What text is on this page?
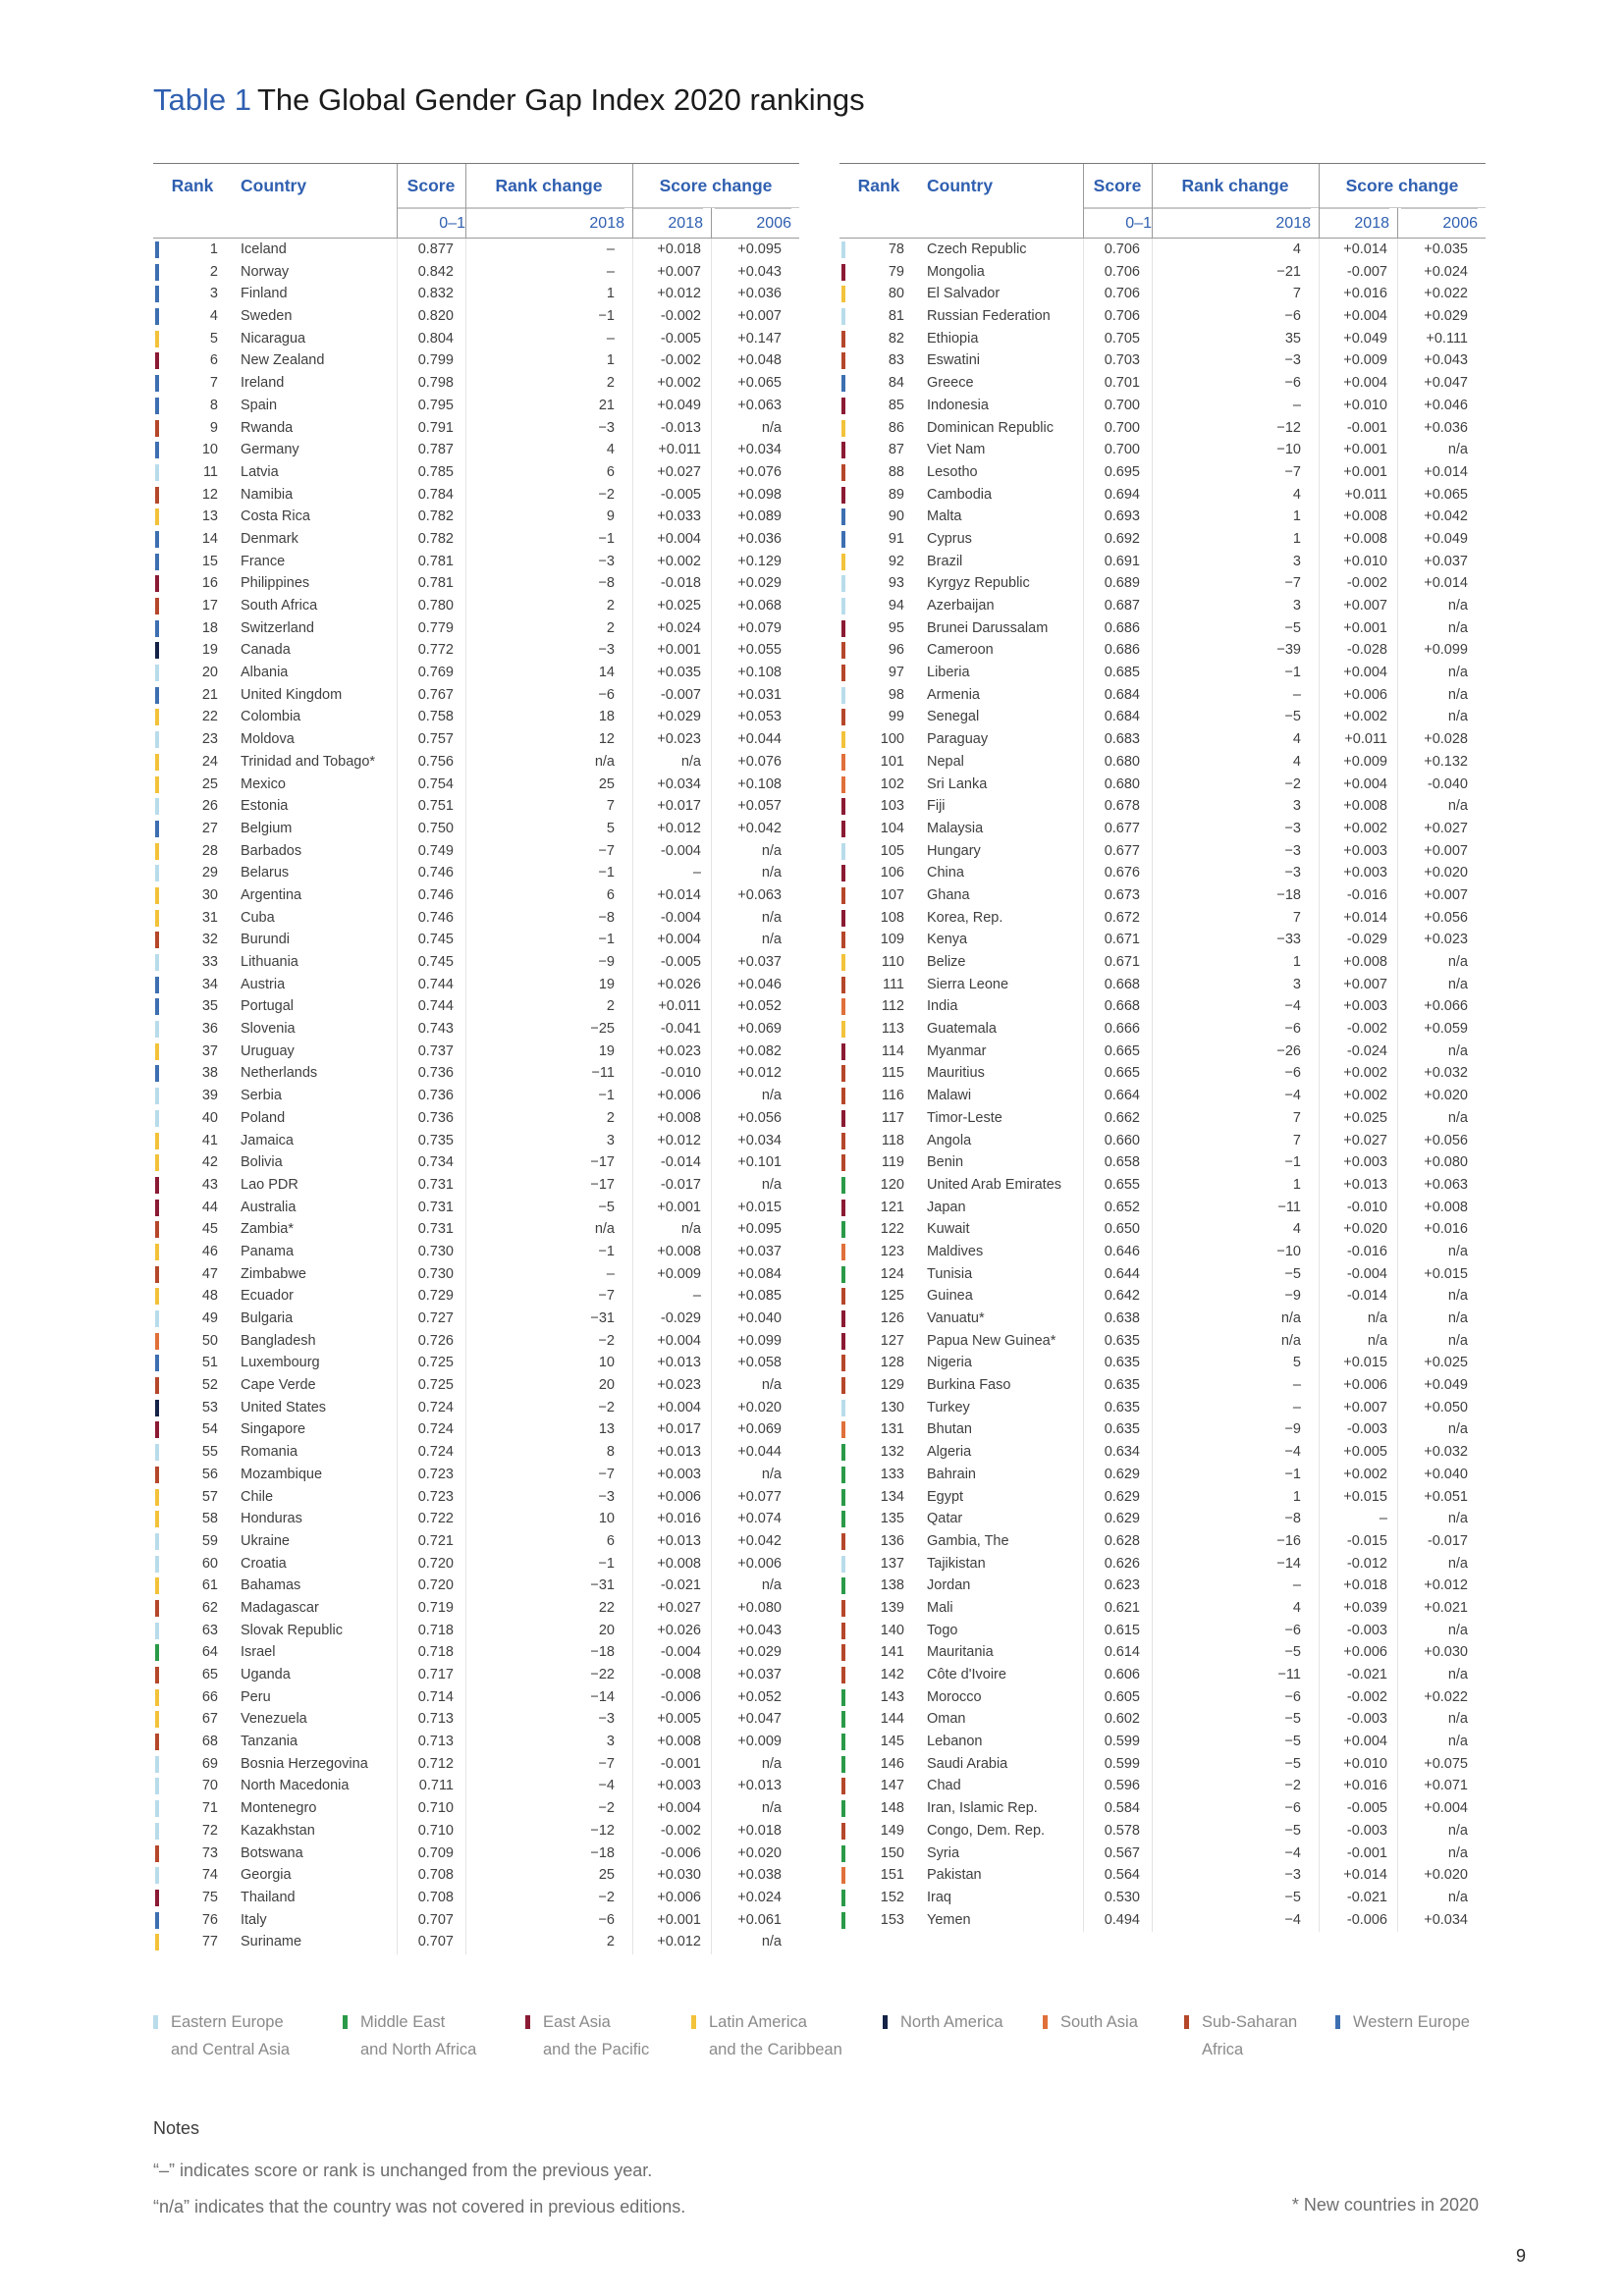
Table 1 The Global Gender Gap Index 2020 rankings
Rank	Country	Score	Rank change	Score change
0–1	2018	2018	2006
1 Iceland	0.877	–	+0.018	+0.095
2 Norway	0.842	–	+0.007	+0.043
3 Finland	0.832	1	+0.012	+0.036
4 Sweden	0.820	−1	-0.002	+0.007
5 Nicaragua	0.804	–	-0.005	+0.147
6 New Zealand	0.799	1	-0.002	+0.048
7 Ireland	0.798	2	+0.002	+0.065
8 Spain	0.795	21	+0.049	+0.063
9 Rwanda	0.791	−3	-0.013	n/a
10 Germany	0.787	4	+0.011	+0.034
11 Latvia	0.785	6	+0.027	+0.076
12 Namibia	0.784	−2	-0.005	+0.098
13 Costa Rica	0.782	9	+0.033	+0.089
14 Denmark	0.782	−1	+0.004	+0.036
15 France	0.781	−3	+0.002	+0.129
16 Philippines	0.781	−8	-0.018	+0.029
17 South Africa	0.780	2	+0.025	+0.068
18 Switzerland	0.779	2	+0.024	+0.079
19 Canada	0.772	−3	+0.001	+0.055
20 Albania	0.769	14	+0.035	+0.108
21 United Kingdom	0.767	−6	-0.007	+0.031
22 Colombia	0.758	18	+0.029	+0.053
23 Moldova	0.757	12	+0.023	+0.044
24 Trinidad and Tobago*	0.756	n/a	n/a	+0.076
25 Mexico	0.754	25	+0.034	+0.108
26 Estonia	0.751	7	+0.017	+0.057
27 Belgium	0.750	5	+0.012	+0.042
28 Barbados	0.749	−7	-0.004	n/a
29 Belarus	0.746	−1	–	n/a
30 Argentina	0.746	6	+0.014	+0.063
31 Cuba	0.746	−8	-0.004	n/a
32 Burundi	0.745	−1	+0.004	n/a
33 Lithuania	0.745	−9	-0.005	+0.037
34 Austria	0.744	19	+0.026	+0.046
35 Portugal	0.744	2	+0.011	+0.052
36 Slovenia	0.743	−25	-0.041	+0.069
37 Uruguay	0.737	19	+0.023	+0.082
38 Netherlands	0.736	−11	-0.010	+0.012
39 Serbia	0.736	−1	+0.006	n/a
40 Poland	0.736	2	+0.008	+0.056
41 Jamaica	0.735	3	+0.012	+0.034
42 Bolivia	0.734	−17	-0.014	+0.101
43 Lao PDR	0.731	−17	-0.017	n/a
44 Australia	0.731	−5	+0.001	+0.015
45 Zambia*	0.731	n/a	n/a	+0.095
46 Panama	0.730	−1	+0.008	+0.037
47 Zimbabwe	0.730	–	+0.009	+0.084
48 Ecuador	0.729	−7	–	+0.085
49 Bulgaria	0.727	−31	-0.029	+0.040
50 Bangladesh	0.726	−2	+0.004	+0.099
51 Luxembourg	0.725	10	+0.013	+0.058
52 Cape Verde	0.725	20	+0.023	n/a
53 United States	0.724	−2	+0.004	+0.020
54 Singapore	0.724	13	+0.017	+0.069
55 Romania	0.724	8	+0.013	+0.044
56 Mozambique	0.723	−7	+0.003	n/a
57 Chile	0.723	−3	+0.006	+0.077
58 Honduras	0.722	10	+0.016	+0.074
59 Ukraine	0.721	6	+0.013	+0.042
60 Croatia	0.720	−1	+0.008	+0.006
61 Bahamas	0.720	−31	-0.021	n/a
62 Madagascar	0.719	22	+0.027	+0.080
63 Slovak Republic	0.718	20	+0.026	+0.043
64 Israel	0.718	−18	-0.004	+0.029
65 Uganda	0.717	−22	-0.008	+0.037
66 Peru	0.714	−14	-0.006	+0.052
67 Venezuela	0.713	−3	+0.005	+0.047
68 Tanzania	0.713	3	+0.008	+0.009
69 Bosnia Herzegovina	0.712	−7	-0.001	n/a
70 North Macedonia	0.711	−4	+0.003	+0.013
71 Montenegro	0.710	−2	+0.004	n/a
72 Kazakhstan	0.710	−12	-0.002	+0.018
73 Botswana	0.709	−18	-0.006	+0.020
74 Georgia	0.708	25	+0.030	+0.038
75 Thailand	0.708	−2	+0.006	+0.024
76 Italy	0.707	−6	+0.001	+0.061
77 Suriname	0.707	2	+0.012	n/a
Rank	Country	Score	Rank change	Score change
0–1	2018	2018	2006
78 Czech Republic	0.706	4	+0.014	+0.035
79 Mongolia	0.706	−21	-0.007	+0.024
80 El Salvador	0.706	7	+0.016	+0.022
81 Russian Federation	0.706	−6	+0.004	+0.029
82 Ethiopia	0.705	35	+0.049	+0.111
83 Eswatini	0.703	−3	+0.009	+0.043
84 Greece	0.701	−6	+0.004	+0.047
85 Indonesia	0.700	–	+0.010	+0.046
86 Dominican Republic	0.700	−12	-0.001	+0.036
87 Viet Nam	0.700	−10	+0.001	n/a
88 Lesotho	0.695	−7	+0.001	+0.014
89 Cambodia	0.694	4	+0.011	+0.065
90 Malta	0.693	1	+0.008	+0.042
91 Cyprus	0.692	1	+0.008	+0.049
92 Brazil	0.691	3	+0.010	+0.037
93 Kyrgyz Republic	0.689	−7	-0.002	+0.014
94 Azerbaijan	0.687	3	+0.007	n/a
95 Brunei Darussalam	0.686	−5	+0.001	n/a
96 Cameroon	0.686	−39	-0.028	+0.099
97 Liberia	0.685	−1	+0.004	n/a
98 Armenia	0.684	–	+0.006	n/a
99 Senegal	0.684	−5	+0.002	n/a
100 Paraguay	0.683	4	+0.011	+0.028
101 Nepal	0.680	4	+0.009	+0.132
102 Sri Lanka	0.680	−2	+0.004	-0.040
103 Fiji	0.678	3	+0.008	n/a
104 Malaysia	0.677	−3	+0.002	+0.027
105 Hungary	0.677	−3	+0.003	+0.007
106 China	0.676	−3	+0.003	+0.020
107 Ghana	0.673	−18	-0.016	+0.007
108 Korea, Rep.	0.672	7	+0.014	+0.056
109 Kenya	0.671	−33	-0.029	+0.023
110 Belize	0.671	1	+0.008	n/a
111 Sierra Leone	0.668	3	+0.007	n/a
112 India	0.668	−4	+0.003	+0.066
113 Guatemala	0.666	−6	-0.002	+0.059
114 Myanmar	0.665	−26	-0.024	n/a
115 Mauritius	0.665	−6	+0.002	+0.032
116 Malawi	0.664	−4	+0.002	+0.020
117 Timor-Leste	0.662	7	+0.025	n/a
118 Angola	0.660	7	+0.027	+0.056
119 Benin	0.658	−1	+0.003	+0.080
120 United Arab Emirates	0.655	1	+0.013	+0.063
121 Japan	0.652	−11	-0.010	+0.008
122 Kuwait	0.650	4	+0.020	+0.016
123 Maldives	0.646	−10	-0.016	n/a
124 Tunisia	0.644	−5	-0.004	+0.015
125 Guinea	0.642	−9	-0.014	n/a
126 Vanuatu*	0.638	n/a	n/a	n/a
127 Papua New Guinea*	0.635	n/a	n/a	n/a
128 Nigeria	0.635	5	+0.015	+0.025
129 Burkina Faso	0.635	–	+0.006	+0.049
130 Turkey	0.635	–	+0.007	+0.050
131 Bhutan	0.635	−9	-0.003	n/a
132 Algeria	0.634	−4	+0.005	+0.032
133 Bahrain	0.629	−1	+0.002	+0.040
134 Egypt	0.629	1	+0.015	+0.051
135 Qatar	0.629	−8	–	n/a
136 Gambia, The	0.628	−16	-0.015	-0.017
137 Tajikistan	0.626	−14	-0.012	n/a
138 Jordan	0.623	–	+0.018	+0.012
139 Mali	0.621	4	+0.039	+0.021
140 Togo	0.615	−6	-0.003	n/a
141 Mauritania	0.614	−5	+0.006	+0.030
142 Côte d'Ivoire	0.606	−11	-0.021	n/a
143 Morocco	0.605	−6	-0.002	+0.022
144 Oman	0.602	−5	-0.003	n/a
145 Lebanon	0.599	−5	+0.004	n/a
146 Saudi Arabia	0.599	−5	+0.010	+0.075
147 Chad	0.596	−2	+0.016	+0.071
148 Iran, Islamic Rep.	0.584	−6	-0.005	+0.004
149 Congo, Dem. Rep.	0.578	−5	-0.003	n/a
150 Syria	0.567	−4	-0.001	n/a
151 Pakistan	0.564	−3	+0.014	+0.020
152 Iraq	0.530	−5	-0.021	n/a
153 Yemen	0.494	−4	-0.006	+0.034
Eastern Europe
and Central Asia
Middle East
and North Africa
East Asia
and the Pacific
Latin America
and the Caribbean
North America	South Asia	Sub-Saharan
Africa
Western Europe
Notes
“–” indicates score or rank is unchanged from the previous year.
“n/a” indicates that the country was not covered in previous editions.	* New countries in 2020
9
